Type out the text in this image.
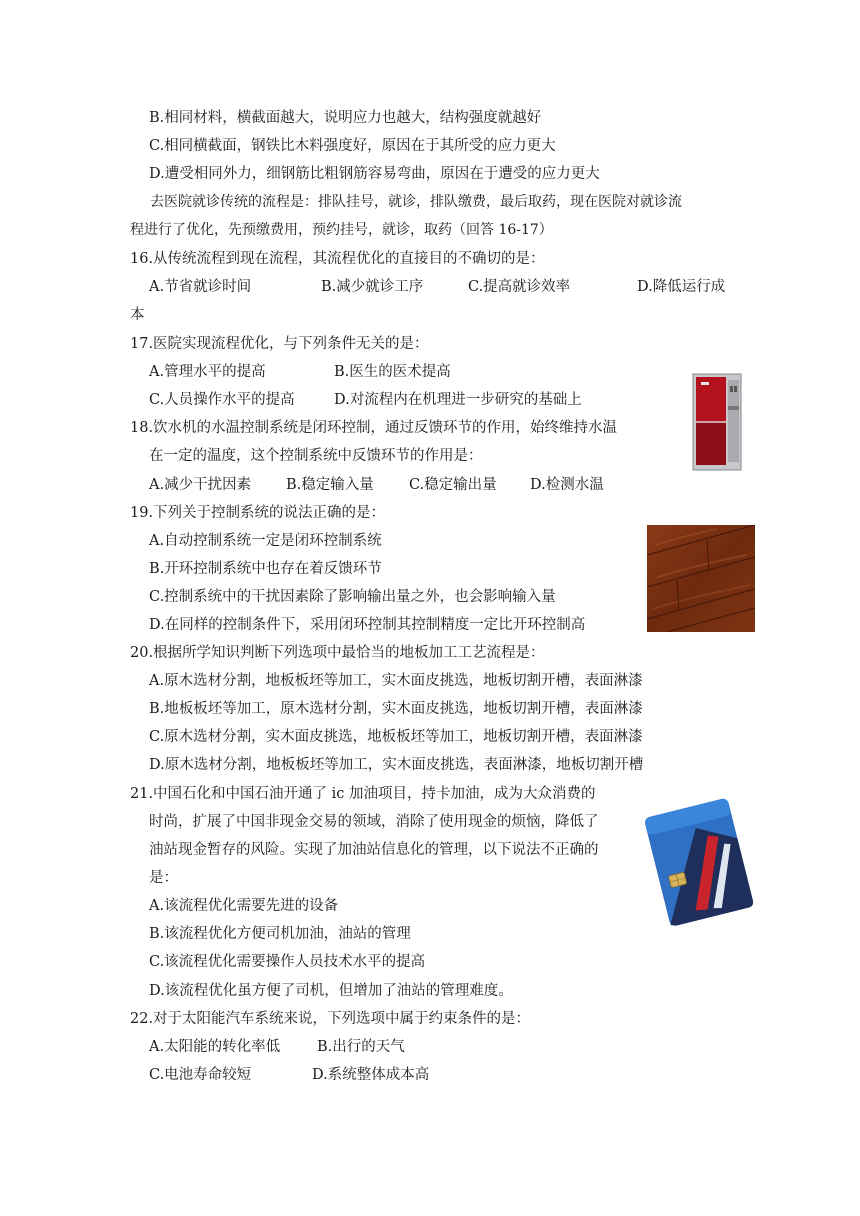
B.相同材料，横截面越大，说明应力也越大，结构强度就越好
C.相同横截面，钢铁比木料强度好，原因在于其所受的应力更大
D.遭受相同外力，细钢筋比粗钢筋容易弯曲，原因在于遭受的应力更大
去医院就诊传统的流程是：排队挂号，就诊，排队缴费，最后取药，现在医院对就诊流
程进行了优化，先预缴费用，预约挂号，就诊，取药（回答 16-17）
16.从传统流程到现在流程，其流程优化的直接目的不确切的是：
A.节省就诊时间	B.减少就诊工序	C.提高就诊效率	D.降低运行成
本
17.医院实现流程优化，与下列条件无关的是：
A.管理水平的提高	B.医生的医术提高
C.人员操作水平的提高	D.对流程内在机理进一步研究的基础上
18.饮水机的水温控制系统是闭环控制，通过反馈环节的作用，始终维持水温
在一定的温度，这个控制系统中反馈环节的作用是：
A.减少干扰因素 B.稳定输入量 C.稳定输出量 D.检测水温
19.下列关于控制系统的说法正确的是：
A.自动控制系统一定是闭环控制系统
B.开环控制系统中也存在着反馈环节
C.控制系统中的干扰因素除了影响输出量之外，也会影响输入量
D.在同样的控制条件下，采用闭环控制其控制精度一定比开环控制高
20.根据所学知识判断下列选项中最恰当的地板加工工艺流程是：
A.原木选材分割，地板板坯等加工，实木面皮挑选，地板切割开槽，表面淋漆
B.地板板坯等加工，原木选材分割，实木面皮挑选，地板切割开槽，表面淋漆
C.原木选材分割，实木面皮挑选，地板板坯等加工，地板切割开槽，表面淋漆
D.原木选材分割，地板板坯等加工，实木面皮挑选，表面淋漆，地板切割开槽
21.中国石化和中国石油开通了 ic 加油项目，持卡加油，成为大众消费的
时尚，扩展了中国非现金交易的领域，消除了使用现金的烦恼，降低了
油站现金暂存的风险。实现了加油站信息化的管理，以下说法不正确的
是：
A.该流程优化需要先进的设备
B.该流程优化方便司机加油，油站的管理
C.该流程优化需要操作人员技术水平的提高
D.该流程优化虽方便了司机，但增加了油站的管理难度。
22.对于太阳能汽车系统来说，下列选项中属于约束条件的是：
A.太阳能的转化率低	B.出行的天气
C.电池寿命较短	D.系统整体成本高
